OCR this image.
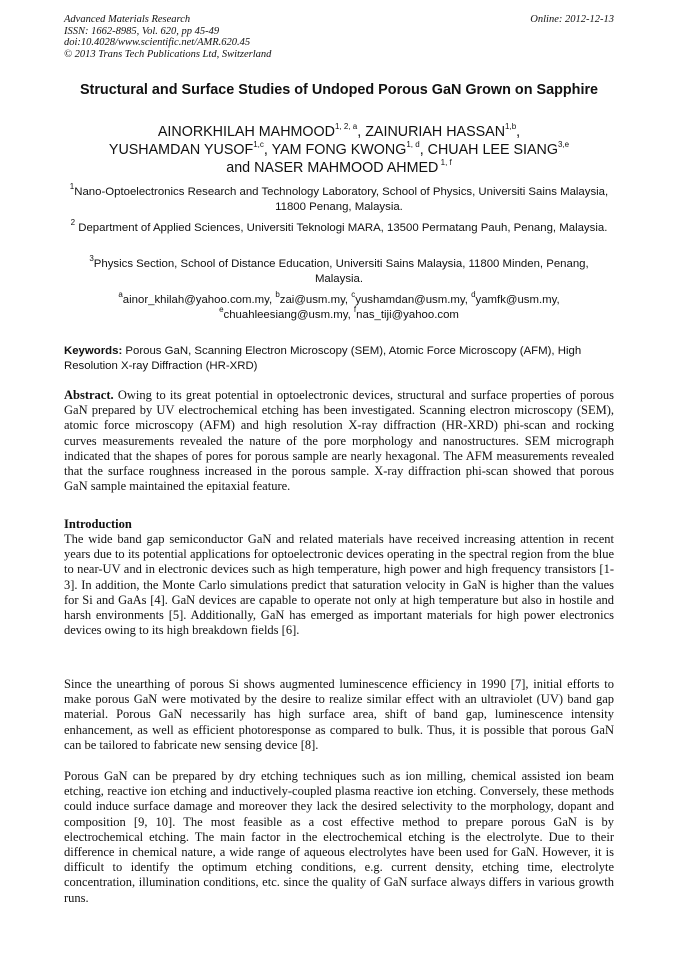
Advanced Materials Research
ISSN: 1662-8985, Vol. 620, pp 45-49
doi:10.4028/www.scientific.net/AMR.620.45
© 2013 Trans Tech Publications Ltd, Switzerland
Online: 2012-12-13
Structural and Surface Studies of Undoped Porous GaN Grown on Sapphire
AINORKHILAH MAHMOOD$^{1, 2, a}$, ZAINURIAH HASSAN$^{1,b}$,
YUSHAMDAN YUSOF$^{1,c}$, YAM FONG KWONG$^{1, d}$, CHUAH LEE SIANG$^{3,e}$
and NASER MAHMOOD AHMED $^{1, f}$
$^1$Nano-Optoelectronics Research and Technology Laboratory, School of Physics, Universiti Sains Malaysia, 11800 Penang, Malaysia.
$^2$ Department of Applied Sciences, Universiti Teknologi MARA, 13500 Permatang Pauh, Penang, Malaysia.
$^3$Physics Section, School of Distance Education, Universiti Sains Malaysia, 11800 Minden, Penang, Malaysia.
$^a$ainor_khilah@yahoo.com.my, $^b$zai@usm.my, $^c$yushamdan@usm.my, $^d$yamfk@usm.my,
$^e$chuahleesiang@usm.my, $^f$nas_tiji@yahoo.com
Keywords: Porous GaN, Scanning Electron Microscopy (SEM), Atomic Force Microscopy (AFM), High Resolution X-ray Diffraction (HR-XRD)
Abstract. Owing to its great potential in optoelectronic devices, structural and surface properties of porous GaN prepared by UV electrochemical etching has been investigated. Scanning electron microscopy (SEM), atomic force microscopy (AFM) and high resolution X-ray diffraction (HR-XRD) phi-scan and rocking curves measurements revealed the nature of the pore morphology and nanostructures. SEM micrograph indicated that the shapes of pores for porous sample are nearly hexagonal. The AFM measurements revealed that the surface roughness increased in the porous sample. X-ray diffraction phi-scan showed that porous GaN sample maintained the epitaxial feature.
Introduction
The wide band gap semiconductor GaN and related materials have received increasing attention in recent years due to its potential applications for optoelectronic devices operating in the spectral region from the blue to near-UV and in electronic devices such as high temperature, high power and high frequency transistors [1-3]. In addition, the Monte Carlo simulations predict that saturation velocity in GaN is higher than the values for Si and GaAs [4]. GaN devices are capable to operate not only at high temperature but also in hostile and harsh environments [5]. Additionally, GaN has emerged as important materials for high power electronics devices owing to its high breakdown fields [6].
Since the unearthing of porous Si shows augmented luminescence efficiency in 1990 [7], initial efforts to make porous GaN were motivated by the desire to realize similar effect with an ultraviolet (UV) band gap material. Porous GaN necessarily has high surface area, shift of band gap, luminescence intensity enhancement, as well as efficient photoresponse as compared to bulk. Thus, it is possible that porous GaN can be tailored to fabricate new sensing device [8].
Porous GaN can be prepared by dry etching techniques such as ion milling, chemical assisted ion beam etching, reactive ion etching and inductively-coupled plasma reactive ion etching. Conversely, these methods could induce surface damage and moreover they lack the desired selectivity to the morphology, dopant and composition [9, 10]. The most feasible as a cost effective method to prepare porous GaN is by electrochemical etching. The main factor in the electrochemical etching is the electrolyte. Due to their difference in chemical nature, a wide range of aqueous electrolytes have been used for GaN. However, it is difficult to identify the optimum etching conditions, e.g. current density, etching time, electrolyte concentration, illumination conditions, etc. since the quality of GaN surface always differs in various growth runs.
